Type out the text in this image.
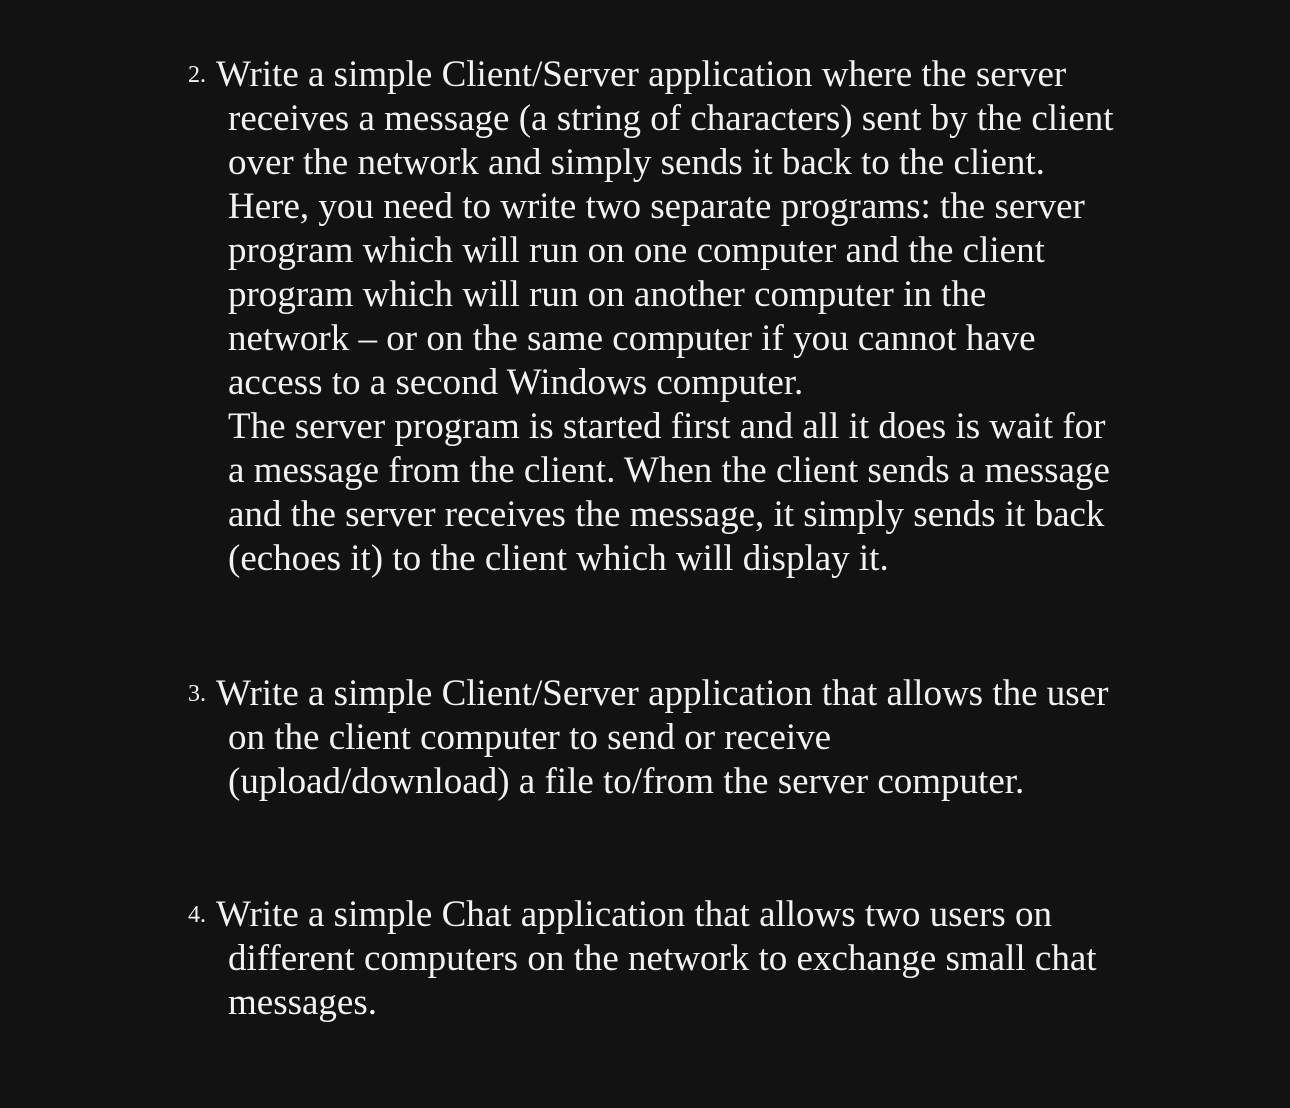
2. Write a simple Client/Server application where the server
receives a message (a string of characters) sent by the client
over the network and simply sends it back to the client.
Here, you need to write two separate programs: the server
program which will run on one computer and the client
program which will run on another computer in the
network – or on the same computer if you cannot have
access to a second Windows computer.
The server program is started first and all it does is wait for
a message from the client. When the client sends a message
and the server receives the message, it simply sends it back
(echoes it) to the client which will display it.
3. Write a simple Client/Server application that allows the user
on the client computer to send or receive
(upload/download) a file to/from the server computer.
4. Write a simple Chat application that allows two users on
different computers on the network to exchange small chat
messages.
